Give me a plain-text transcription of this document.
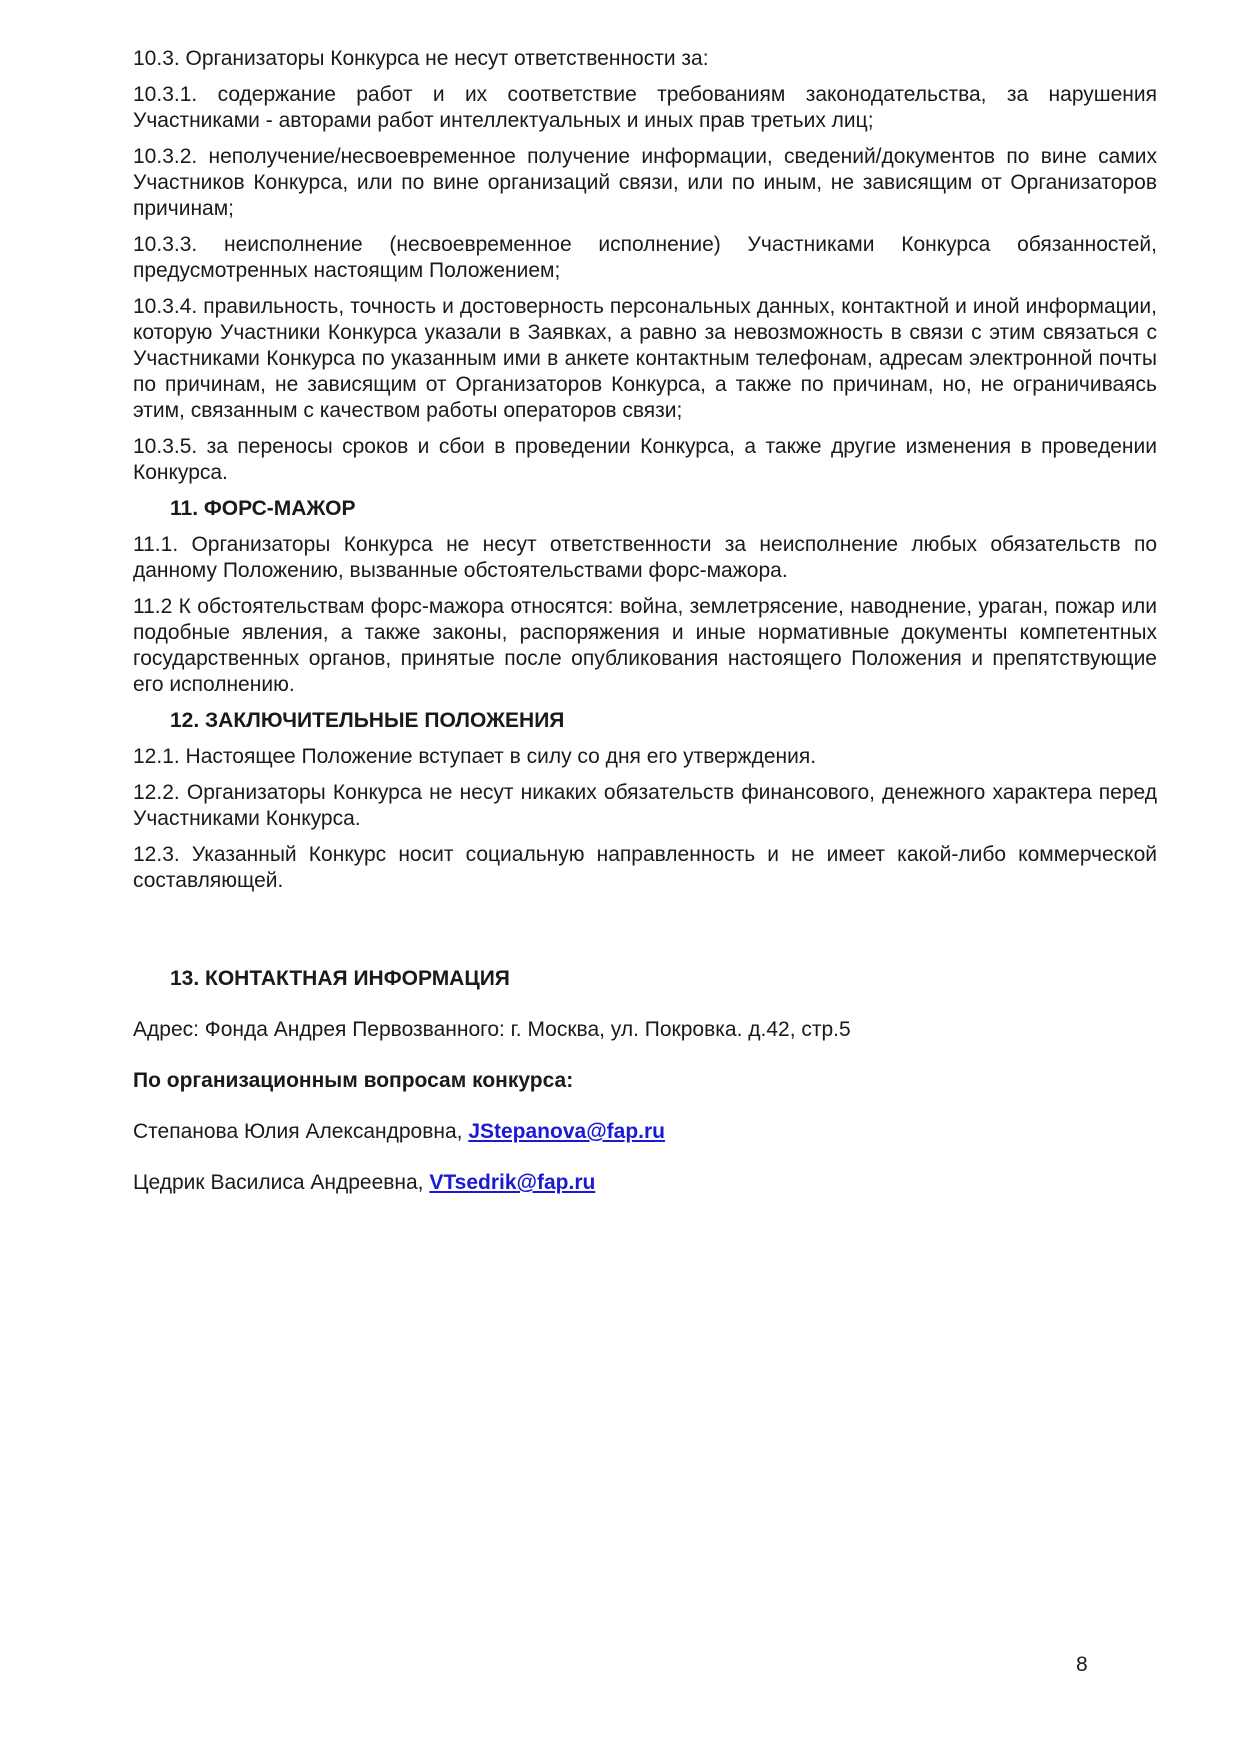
10.3. Организаторы Конкурса не несут ответственности за:

10.3.1. содержание работ и их соответствие требованиям законодательства, за нарушения Участниками - авторами работ интеллектуальных и иных прав третьих лиц;

10.3.2. неполучение/несвоевременное получение информации, сведений/документов по вине самих Участников Конкурса, или по вине организаций связи, или по иным, не зависящим от Организаторов причинам;

10.3.3. неисполнение (несвоевременное исполнение) Участниками Конкурса обязанностей, предусмотренных настоящим Положением;

10.3.4. правильность, точность и достоверность персональных данных, контактной и иной информации, которую Участники Конкурса указали в Заявках, а равно за невозможность в связи с этим связаться с Участниками Конкурса по указанным ими в анкете контактным телефонам, адресам электронной почты по причинам, не зависящим от Организаторов Конкурса, а также по причинам, но, не ограничиваясь этим, связанным с качеством работы операторов связи;

10.3.5. за переносы сроков и сбои в проведении Конкурса, а также другие изменения в проведении Конкурса.

11. ФОРС-МАЖОР

11.1. Организаторы Конкурса не несут ответственности за неисполнение любых обязательств по данному Положению, вызванные обстоятельствами форс-мажора.

11.2 К обстоятельствам форс-мажора относятся: война, землетрясение, наводнение, ураган, пожар или подобные явления, а также законы, распоряжения и иные нормативные документы компетентных государственных органов, принятые после опубликования настоящего Положения и препятствующие его исполнению.

12. ЗАКЛЮЧИТЕЛЬНЫЕ ПОЛОЖЕНИЯ

12.1. Настоящее Положение вступает в силу со дня его утверждения.

12.2. Организаторы Конкурса не несут никаких обязательств финансового, денежного характера перед Участниками Конкурса.

12.3. Указанный Конкурс носит социальную направленность и не имеет какой-либо коммерческой составляющей.

13. КОНТАКТНАЯ ИНФОРМАЦИЯ

Адрес: Фонда Андрея Первозванного: г. Москва, ул. Покровка. д.42, стр.5

По организационным вопросам конкурса:

Степанова Юлия Александровна, JStepanova@fap.ru

Цедрик Василиса Андреевна, VTsedrik@fap.ru

8
